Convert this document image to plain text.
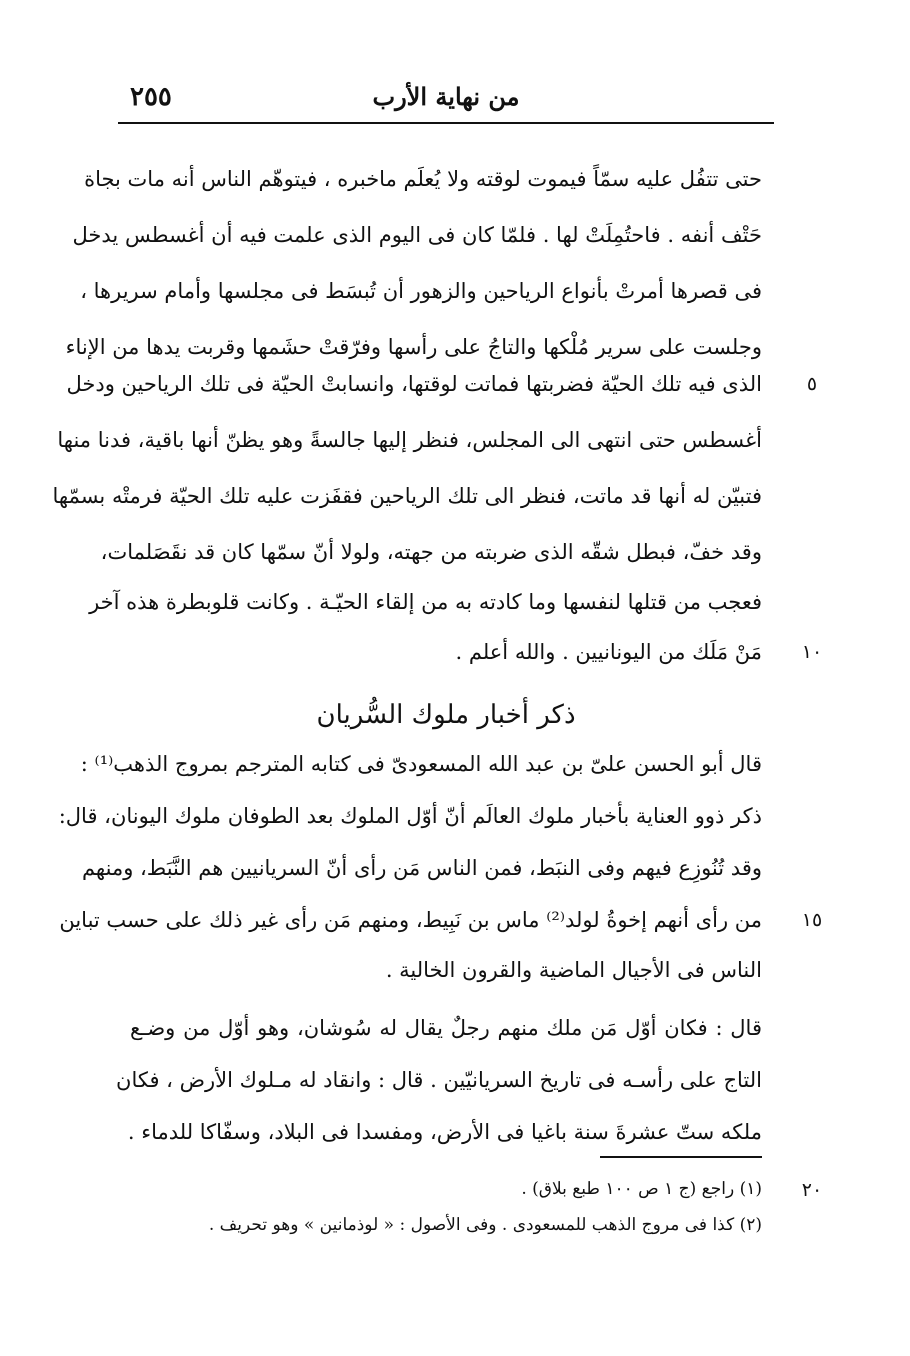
٢٥٥	من نهاية الأرب
حتى تتفُل عليه سمّاً فيموت لوقته ولا يُعلَم ماخبره ، فيتوهّم الناس أنه مات بجاة
حَتْف أنفه . فاحتُمِلَتْ لها . فلمّا كان فى اليوم الذى علمت فيه أن أغسطس يدخل
فى قصرها أمرتْ بأنواع الرياحين والزهور أن تُبسَط فى مجلسها وأمام سريرها ،
وجلست على سرير مُلْكها والتاجُ على رأسها وفرّقتْ حشَمها وقربت يدها من الإناء
الذى فيه تلك الحيّة فضربتها فماتت لوقتها، وانسابتْ الحيّة فى تلك الرياحين ودخل
أغسطس حتى انتهى الى المجلس، فنظر إليها جالسةً وهو يظنّ أنها باقية، فدنا منها
فتبيّن له أنها قد ماتت، فنظر الى تلك الرياحين فقفَزت عليه تلك الحيّة فرمتْه بسمّها
وقد خفّ، فبطل شقّه الذى ضربته من جهته، ولولا أنّ سمّها كان قد نقَصَلمات،
فعجب من قتلها لنفسها وما كادته به من إلقاء الحيّـة . وكانت قلوبطرة هذه آخر
مَنْ مَلَك من اليونانيين . والله أعلم .
ذكر أخبار ملوك السُّريان
قال أبو الحسن علىّ بن عبد الله المسعودىّ فى كتابه المترجم بمروج الذهب⁽¹⁾ :
ذكر ذوو العناية بأخبار ملوك العالَم أنّ أوّل الملوك بعد الطوفان ملوك اليونان، قال:
وقد تُنُوزِع فيهم وفى النبَط، فمن الناس مَن رأى أنّ السريانيين هم النَّبَط، ومنهم
من رأى أنهم إخوةُ لولد⁽²⁾ ماس بن نَبِيط، ومنهم مَن رأى غير ذلك على حسب تباين
الناس فى الأجيال الماضية والقرون الخالية .
قال : فكان أوّل مَن ملك منهم رجلٌ يقال له سُوشان، وهو أوّل من وضـع
التاج على رأسـه فى تاريخ السريانيّين . قال : وانقاد له مـلوك الأرض ، فكان
ملكه ستّ عشرةَ سنة باغيا فى الأرض، ومفسدا فى البلاد، وسفّاكا للدماء .
٥
١٠
١٥
٢٠
(١) راجع (ج ١ ص ١٠٠ طبع بلاق) .
(٢) كذا فى مروج الذهب للمسعودى . وفى الأصول : « لوذمانين » وهو تحريف .
